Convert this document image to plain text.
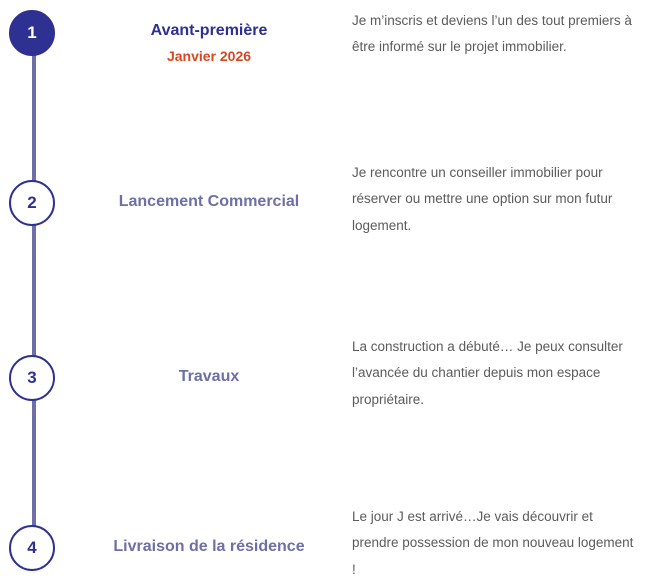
1	Avant-première
Janvier 2026
Je m’inscris et deviens l’un des tout premiers à être informé sur le projet immobilier.
2	Lancement Commercial
Je rencontre un conseiller immobilier pour réserver ou mettre une option sur mon futur logement.
3	Travaux
La construction a débuté… Je peux consulter l’avancée du chantier depuis mon espace propriétaire.
4	Livraison de la résidence
Le jour J est arrivé…Je vais découvrir et prendre possession de mon nouveau logement !
